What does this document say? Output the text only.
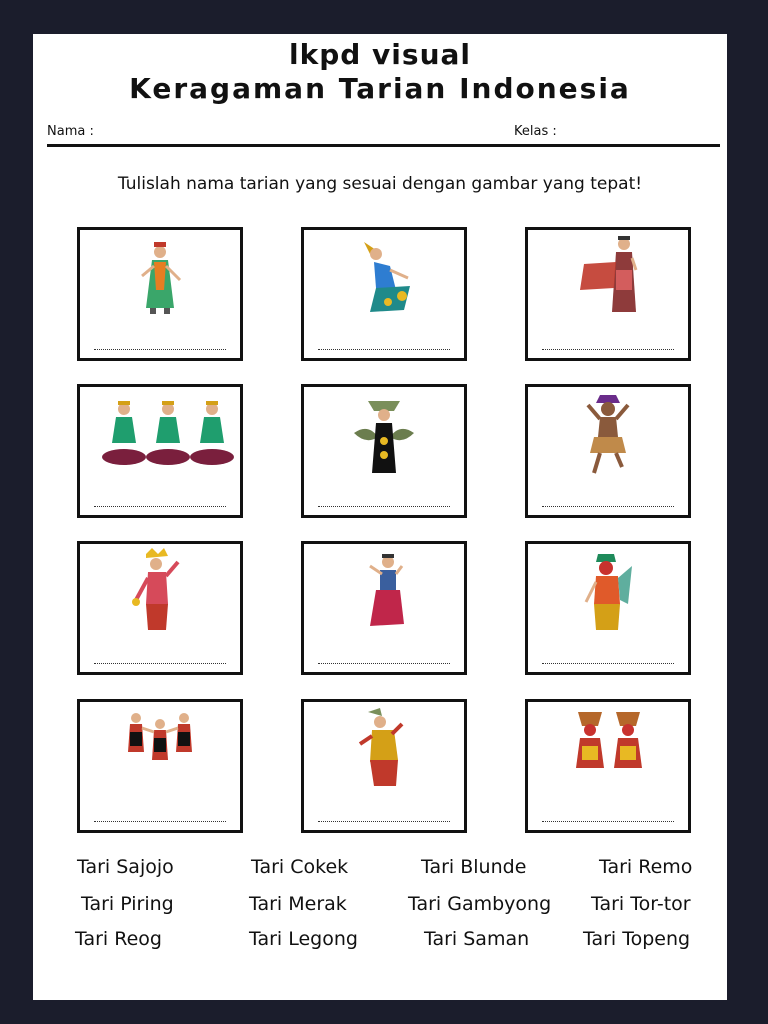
lkpd visual
Keragaman Tarian Indonesia
Nama :	Kelas :
Tulislah nama tarian yang sesuai dengan gambar yang tepat!
Tari Sajojo	Tari Cokek	Tari Blunde	Tari Remo
Tari Piring	Tari Merak	Tari Gambyong Tari Tor-tor
Tari Reog	Tari Legong	Tari Saman	Tari Topeng
